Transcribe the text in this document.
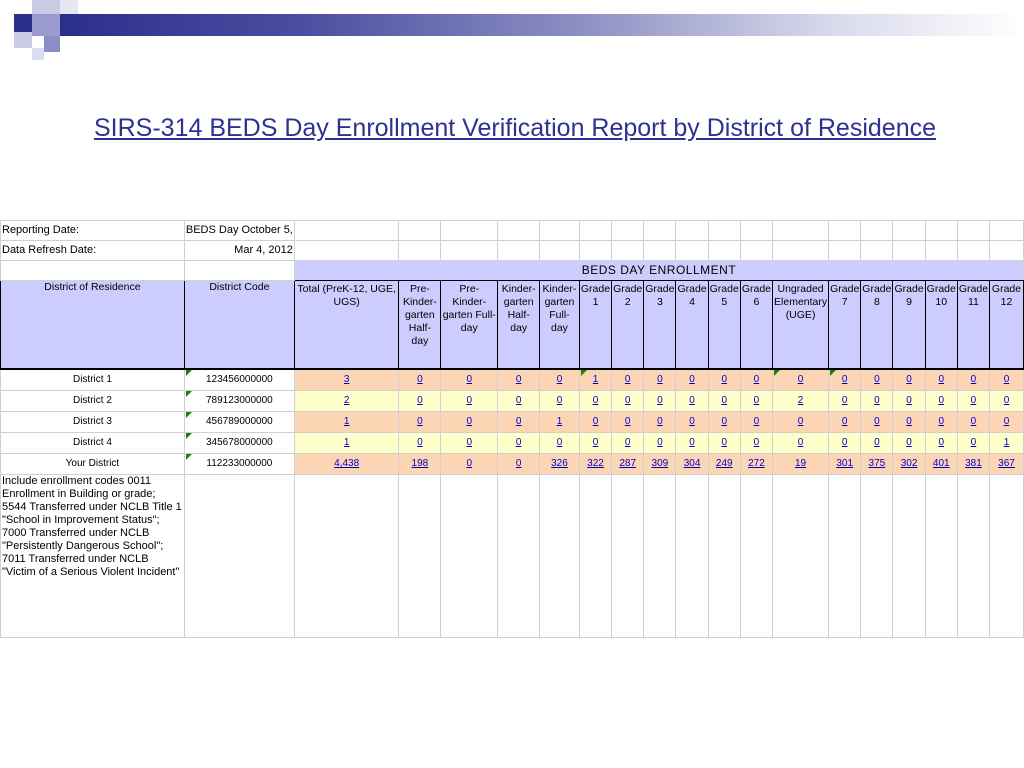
SIRS-314 BEDS Day Enrollment Verification Report by District of Residence
Reporting Date:	BEDS Day October 5,																		
Data Refresh Date:	Mar 4, 2012																		
		BEDS DAY ENROLLMENT																	
District of Residence	District Code	Total (PreK-12, UGE, UGS)	Pre- Kinder- garten Half-day	Pre- Kinder- garten Full-day	Kinder- garten Half-day	Kinder- garten Full-day	Grade 1	Grade 2	Grade 3	Grade 4	Grade 5	Grade 6	Ungraded Elementary (UGE)	Grade 7	Grade 8	Grade 9	Grade 10	Grade 11	Grade 12
District 1	123456000000	3	0	0	0	0	1	0	0	0	0	0	0	0	0	0	0	0	0
District 2	789123000000	2	0	0	0	0	0	0	0	0	0	0	2	0	0	0	0	0	0
District 3	456789000000	1	0	0	0	1	0	0	0	0	0	0	0	0	0	0	0	0	0
District 4	345678000000	1	0	0	0	0	0	0	0	0	0	0	0	0	0	0	0	0	1
Your District	112233000000	4,438	198	0	0	326	322	287	309	304	249	272	19	301	375	302	401	381	367
Include enrollment codes 0011 Enrollment in Building or grade; 5544 Transferred under NCLB Title 1 "School in Improvement Status"; 7000 Transferred under NCLB "Persistently Dangerous School"; 7011 Transferred under NCLB "Victim of a Serious Violent Incident"																			
